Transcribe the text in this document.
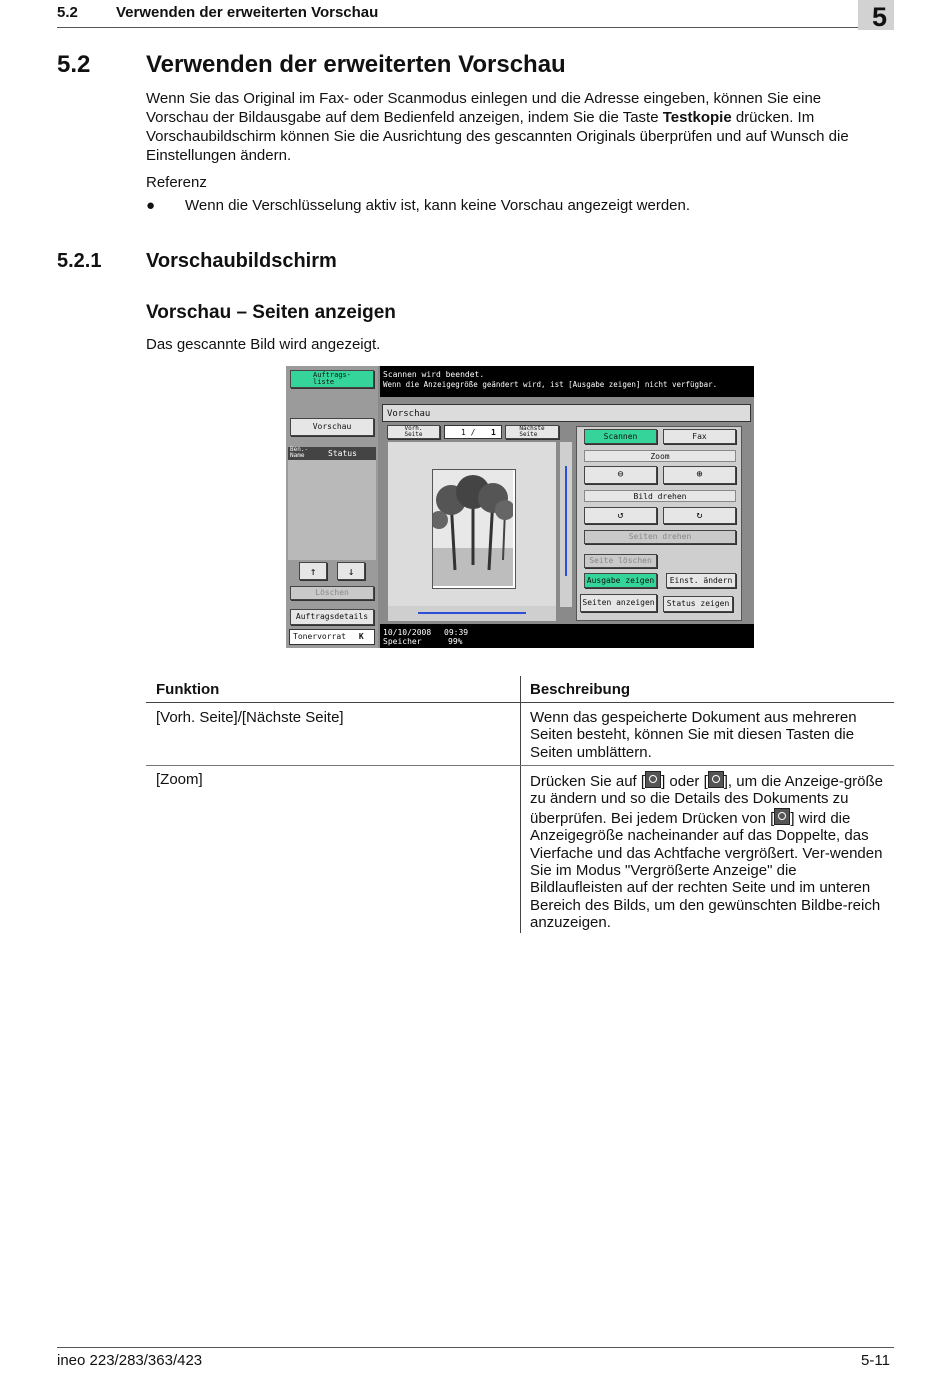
5.2	Verwenden der erweiterten Vorschau	5
5.2 Verwenden der erweiterten Vorschau

Wenn Sie das Original im Fax- oder Scanmodus einlegen und die Adresse eingeben, können Sie eine Vorschau der Bildausgabe auf dem Bedienfeld anzeigen, indem Sie die Taste Testkopie drücken. Im Vorschaubildschirm können Sie die Ausrichtung des gescannten Originals überprüfen und auf Wunsch die Einstellungen ändern.

Referenz
● Wenn die Verschlüsselung aktiv ist, kann keine Vorschau angezeigt werden.
5.2.1 Vorschaubildschirm
Vorschau – Seiten anzeigen
Das gescannte Bild wird angezeigt.
Auftrags-
liste
Vorschau
Ben.-
Name	Status
↑	↓
Löschen
Auftragsdetails
Tonervorrat K
Scannen wird beendet.
Wenn die Anzeigegröße geändert wird, ist [Ausgabe zeigen] nicht verfügbar.
Vorschau
Vorh.
Seite	1 / 1	Nächste
Seite	Scannen	Fax
Zoom
⊖	⊕
Bild drehen
↺	↻
Seiten drehen
Seite löschen
Ausgabe zeigen	Einst. ändern
Seiten anzeigen	Status zeigen
10/10/2008 09:39
Speicher	99%
Funktion	Beschreibung
[Vorh. Seite]/[Nächste Seite]	Wenn das gespeicherte Dokument aus mehreren Seiten besteht, können Sie mit diesen Tasten die Seiten umblättern.
[Zoom]	Drücken Sie auf [ ] oder [ ], um die Anzeige-größe zu ändern und so die Details des Dokuments zu überprüfen. Bei jedem Drücken von [ ] wird die Anzeigegröße nacheinander auf das Doppelte, das Vierfache und das Achtfache vergrößert. Ver-wenden Sie im Modus "Vergrößerte Anzeige" die Bildlaufleisten auf der rechten Seite und im unteren Bereich des Bilds, um den gewünschten Bildbe-reich anzuzeigen.
ineo 223/283/363/423	5-11
